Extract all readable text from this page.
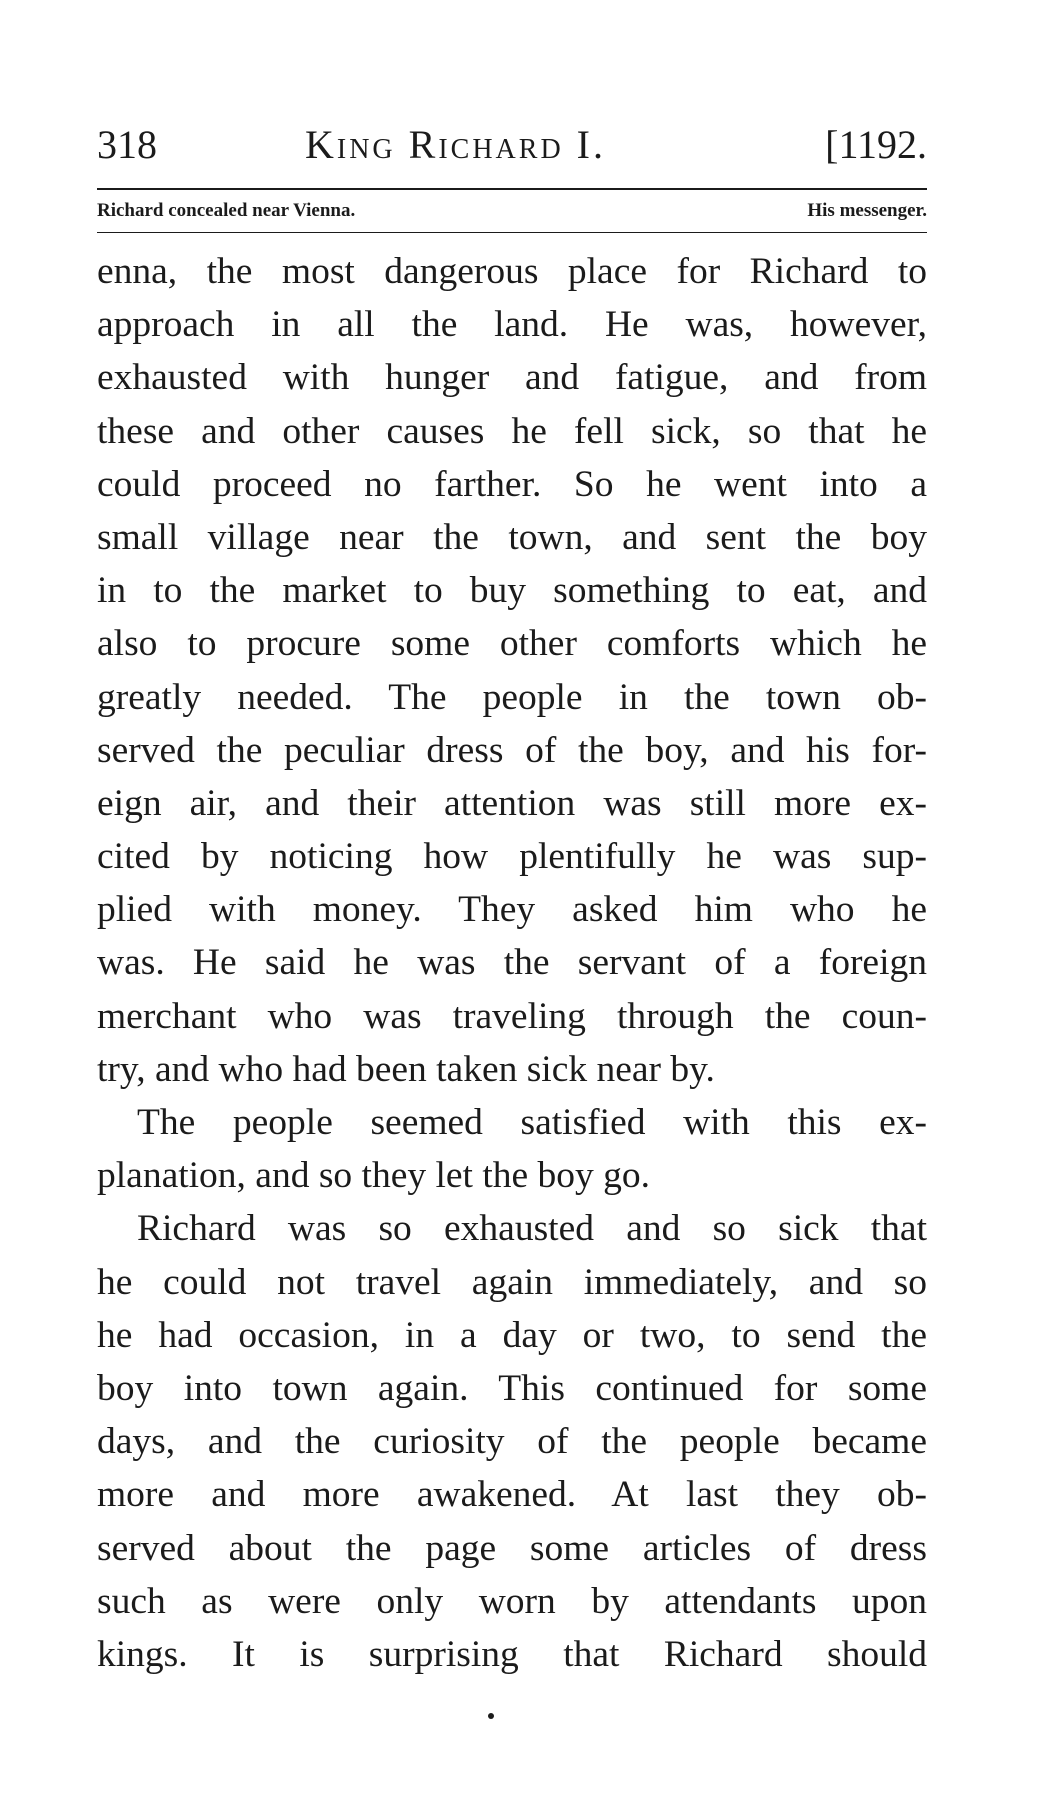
318	King Richard I.	[1192.
Richard concealed near Vienna.	His messenger.
enna, the most dangerous place for Richard to
approach in all the land. He was, however,
exhausted with hunger and fatigue, and from
these and other causes he fell sick, so that he
could proceed no farther. So he went into a
small village near the town, and sent the boy
in to the market to buy something to eat, and
also to procure some other comforts which he
greatly needed. The people in the town ob-
served the peculiar dress of the boy, and his for-
eign air, and their attention was still more ex-
cited by noticing how plentifully he was sup-
plied with money. They asked him who he
was. He said he was the servant of a foreign
merchant who was traveling through the coun-
try, and who had been taken sick near by.
The people seemed satisfied with this ex-
planation, and so they let the boy go.
Richard was so exhausted and so sick that
he could not travel again immediately, and so
he had occasion, in a day or two, to send the
boy into town again. This continued for some
days, and the curiosity of the people became
more and more awakened. At last they ob-
served about the page some articles of dress
such as were only worn by attendants upon
kings. It is surprising that Richard should
